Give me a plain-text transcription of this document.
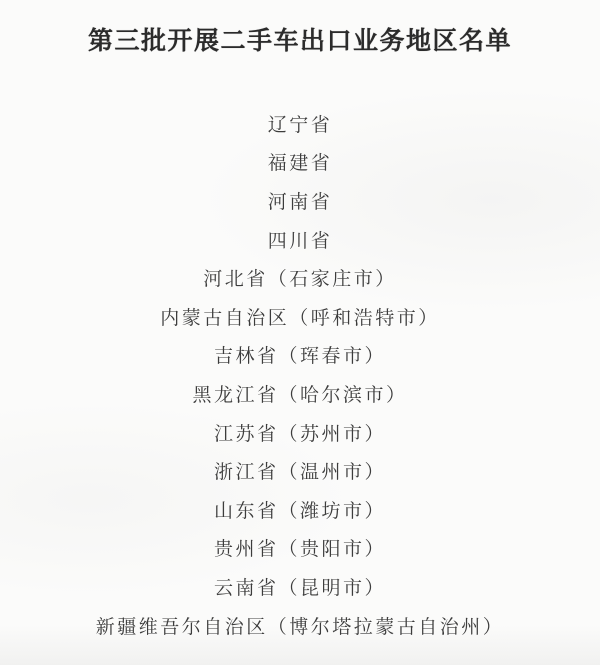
第三批开展二手车出口业务地区名单
辽宁省
福建省
河南省
四川省
河北省（石家庄市）
内蒙古自治区（呼和浩特市）
吉林省（珲春市）
黑龙江省（哈尔滨市）
江苏省（苏州市）
浙江省（温州市）
山东省（潍坊市）
贵州省（贵阳市）
云南省（昆明市）
新疆维吾尔自治区（博尔塔拉蒙古自治州）
